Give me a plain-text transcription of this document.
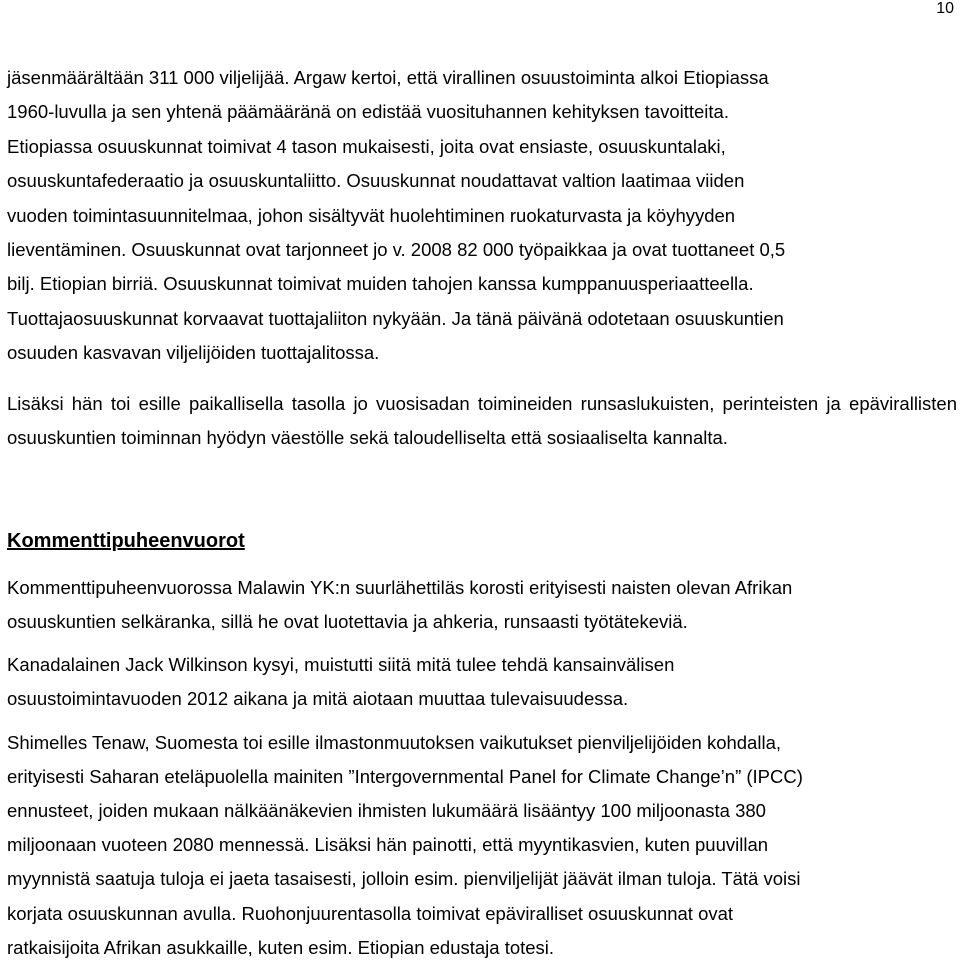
10

jäsenmäärältään 311 000 viljelijää. Argaw kertoi, että virallinen osuustoiminta alkoi Etiopiassa
1960-luvulla ja sen yhtenä päämääränä on edistää vuosituhannen kehityksen tavoitteita.
Etiopiassa osuuskunnat toimivat 4 tason mukaisesti, joita ovat ensiaste, osuuskuntalaki,
osuuskuntafederaatio ja osuuskuntaliitto. Osuuskunnat noudattavat valtion laatimaa viiden
vuoden toimintasuunnitelmaa, johon sisältyvät huolehtiminen ruokaturvasta ja köyhyyden
lieventäminen. Osuuskunnat ovat tarjonneet jo v. 2008 82 000 työpaikkaa ja ovat tuottaneet 0,5
bilj. Etiopian birriä. Osuuskunnat toimivat muiden tahojen kanssa kumppanuusperiaatteella.
Tuottajaosuuskunnat korvaavat tuottajaliiton nykyään. Ja tänä päivänä odotetaan osuuskuntien
osuuden kasvavan viljelijöiden tuottajalitossa.

Lisäksi hän toi esille paikallisella tasolla jo vuosisadan toimineiden runsaslukuisten, perinteisten ja epävirallisten osuuskuntien toiminnan hyödyn väestölle sekä taloudelliselta että sosiaaliselta kannalta.

Kommenttipuheenvuorot

Kommenttipuheenvuorossa Malawin YK:n suurlähettiläs korosti erityisesti naisten olevan Afrikan
osuuskuntien selkäranka, sillä he ovat luotettavia ja ahkeria, runsaasti työtätekeviä.

Kanadalainen Jack Wilkinson kysyi, muistutti siitä mitä tulee tehdä kansainvälisen
osuustoimintavuoden 2012 aikana ja mitä aiotaan muuttaa tulevaisuudessa.

Shimelles Tenaw, Suomesta toi esille ilmastonmuutoksen vaikutukset pienviljelijöiden kohdalla,
erityisesti Saharan eteläpuolella mainiten ”Intergovernmental Panel for Climate Change’n” (IPCC)
ennusteet, joiden mukaan nälkäänäkevien ihmisten lukumäärä lisääntyy 100 miljoonasta 380
miljoonaan vuoteen 2080 mennessä. Lisäksi hän painotti, että myyntikasvien, kuten puuvillan
myynnistä saatuja tuloja ei jaeta tasaisesti, jolloin esim. pienviljelijät jäävät ilman tuloja. Tätä voisi
korjata osuuskunnan avulla. Ruohonjuurentasolla toimivat epäviralliset osuuskunnat ovat
ratkaisijoita Afrikan asukkaille, kuten esim. Etiopian edustaja totesi.
